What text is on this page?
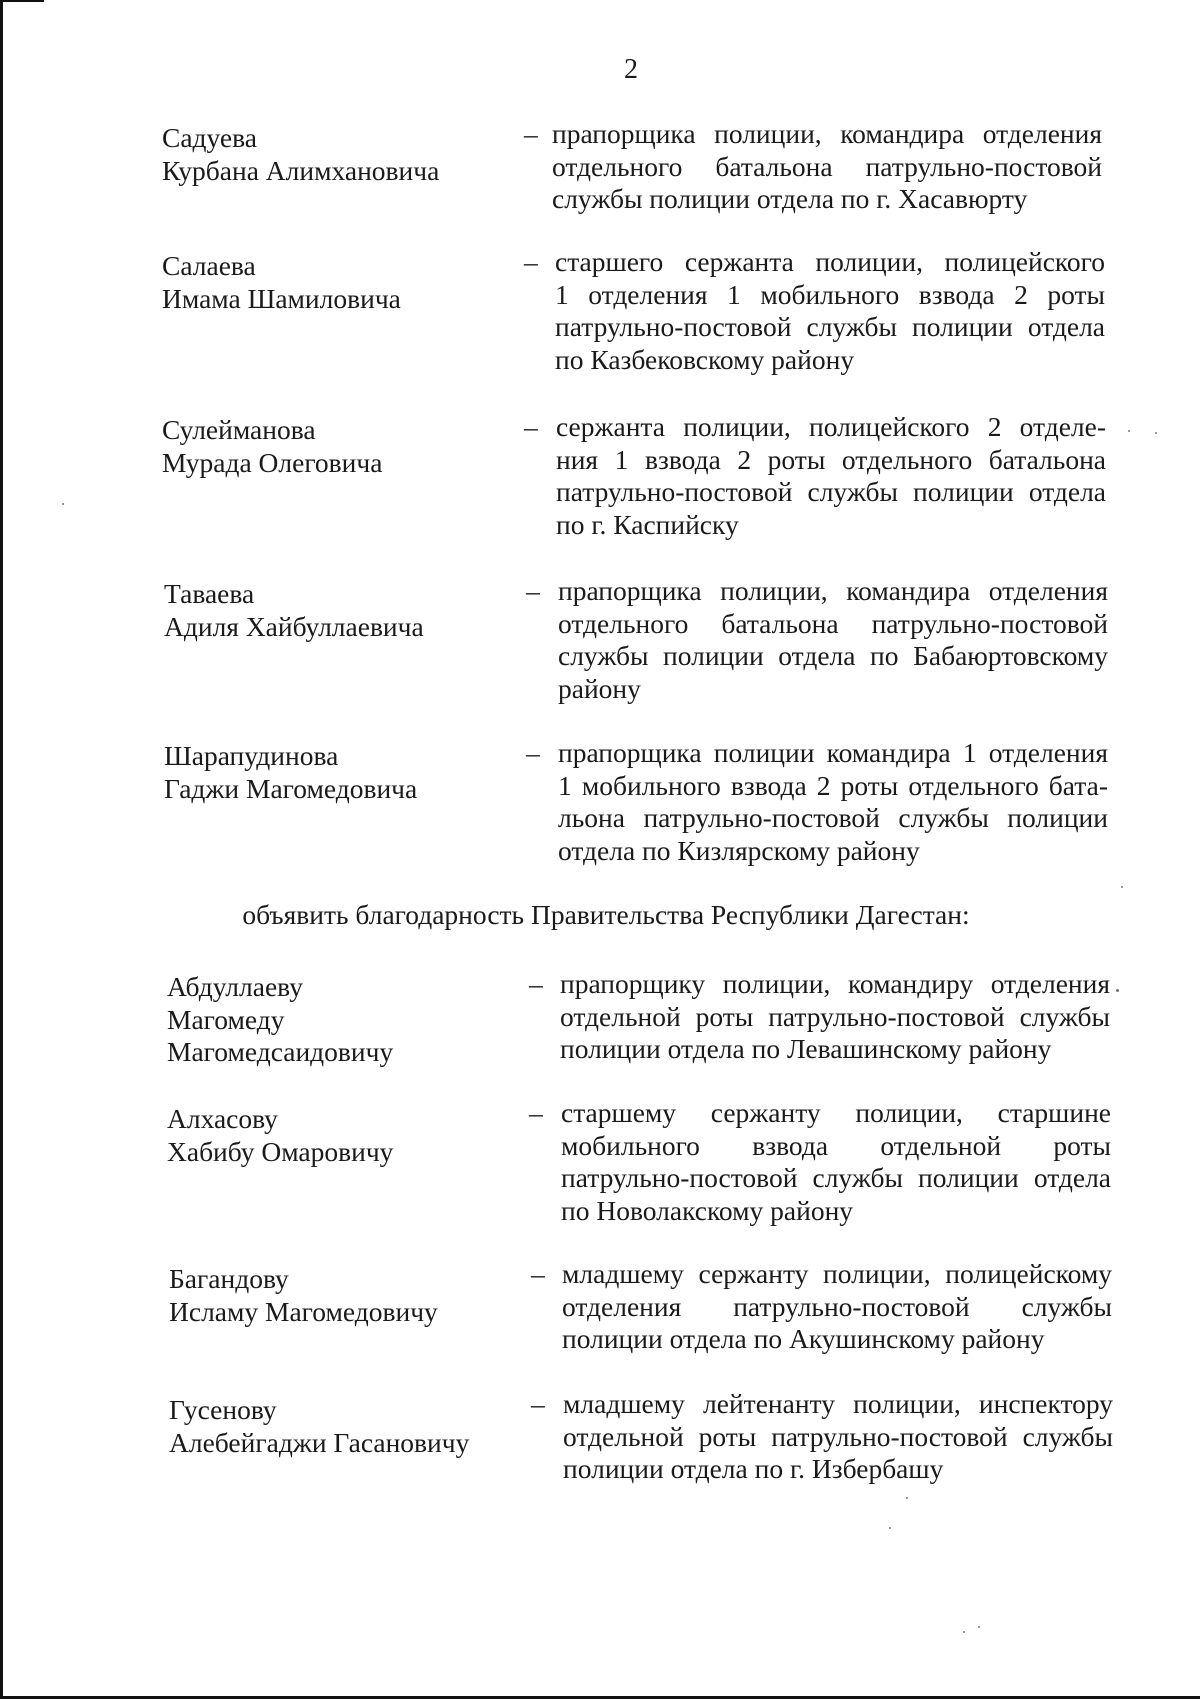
2
Садуева
Курбана Алимхановича
– прапорщика полиции, командира отделения
отдельного батальона патрульно-постовой
службы полиции отдела по г. Хасавюрту
Салаева
Имама Шамиловича
– старшего сержанта полиции, полицейского
1 отделения 1 мобильного взвода 2 роты
патрульно-постовой службы полиции отдела
по Казбековскому району
Сулейманова
Мурада Олеговича
– сержанта полиции, полицейского 2 отделе-
ния 1 взвода 2 роты отдельного батальона
патрульно-постовой службы полиции отдела
по г. Каспийску
Таваева
Адиля Хайбуллаевича
– прапорщика полиции, командира отделения
отдельного батальона патрульно-постовой
службы полиции отдела по Бабаюртовскому
району
Шарапудинова
Гаджи Магомедовича
– прапорщика полиции командира 1 отделения
1 мобильного взвода 2 роты отдельного бата-
льона патрульно-постовой службы полиции
отдела по Кизлярскому району
объявить благодарность Правительства Республики Дагестан:
Абдуллаеву
Магомеду
Магомедсаидовичу
– прапорщику полиции, командиру отделения
отдельной роты патрульно-постовой службы
полиции отдела по Левашинскому району
Алхасову
Хабибу Омаровичу
– старшему сержанту полиции, старшине
мобильного взвода отдельной роты
патрульно-постовой службы полиции отдела
по Новолакскому району
Багандову
Исламу Магомедовичу
– младшему сержанту полиции, полицейскому
отделения патрульно-постовой службы
полиции отдела по Акушинскому району
Гусенову
Алебейгаджи Гасановичу
– младшему лейтенанту полиции, инспектору
отдельной роты патрульно-постовой службы
полиции отдела по г. Избербашу
